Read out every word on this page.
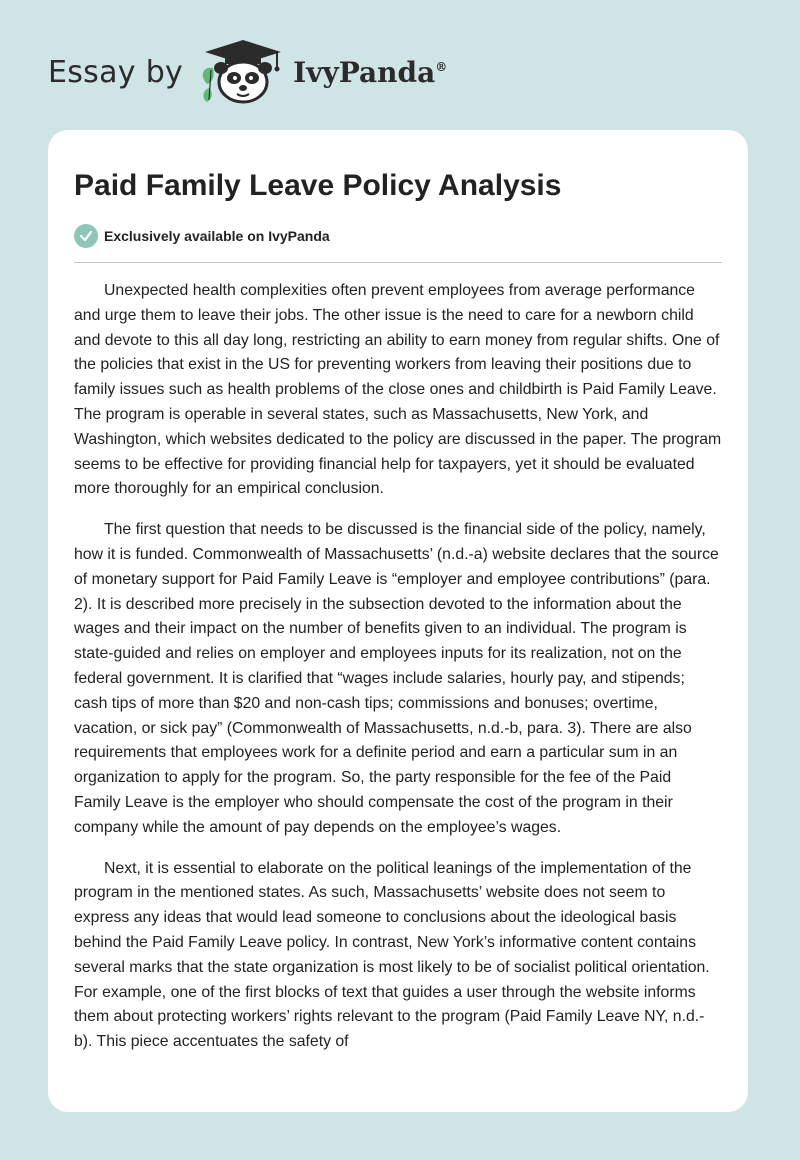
Essay by	IvyPanda®
Paid Family Leave Policy Analysis
Exclusively available on IvyPanda

Unexpected health complexities often prevent employees from average performance and urge them to leave their jobs. The other issue is the need to care for a newborn child and devote to this all day long, restricting an ability to earn money from regular shifts. One of the policies that exist in the US for preventing workers from leaving their positions due to family issues such as health problems of the close ones and childbirth is Paid Family Leave. The program is operable in several states, such as Massachusetts, New York, and Washington, which websites dedicated to the policy are discussed in the paper. The program seems to be effective for providing financial help for taxpayers, yet it should be evaluated more thoroughly for an empirical conclusion.

The first question that needs to be discussed is the financial side of the policy, namely, how it is funded. Commonwealth of Massachusetts’ (n.d.-a) website declares that the source of monetary support for Paid Family Leave is “employer and employee contributions” (para. 2). It is described more precisely in the subsection devoted to the information about the wages and their impact on the number of benefits given to an individual. The program is state-guided and relies on employer and employees inputs for its realization, not on the federal government. It is clarified that “wages include salaries, hourly pay, and stipends; cash tips of more than $20 and non-cash tips; commissions and bonuses; overtime, vacation, or sick pay” (Commonwealth of Massachusetts, n.d.-b, para. 3). There are also requirements that employees work for a definite period and earn a particular sum in an organization to apply for the program. So, the party responsible for the fee of the Paid Family Leave is the employer who should compensate the cost of the program in their company while the amount of pay depends on the employee’s wages.

Next, it is essential to elaborate on the political leanings of the implementation of the program in the mentioned states. As such, Massachusetts’ website does not seem to express any ideas that would lead someone to conclusions about the ideological basis behind the Paid Family Leave policy. In contrast, New York’s informative content contains several marks that the state organization is most likely to be of socialist political orientation. For example, one of the first blocks of text that guides a user through the website informs them about protecting workers’ rights relevant to the program (Paid Family Leave NY, n.d.-b). This piece accentuates the safety of
